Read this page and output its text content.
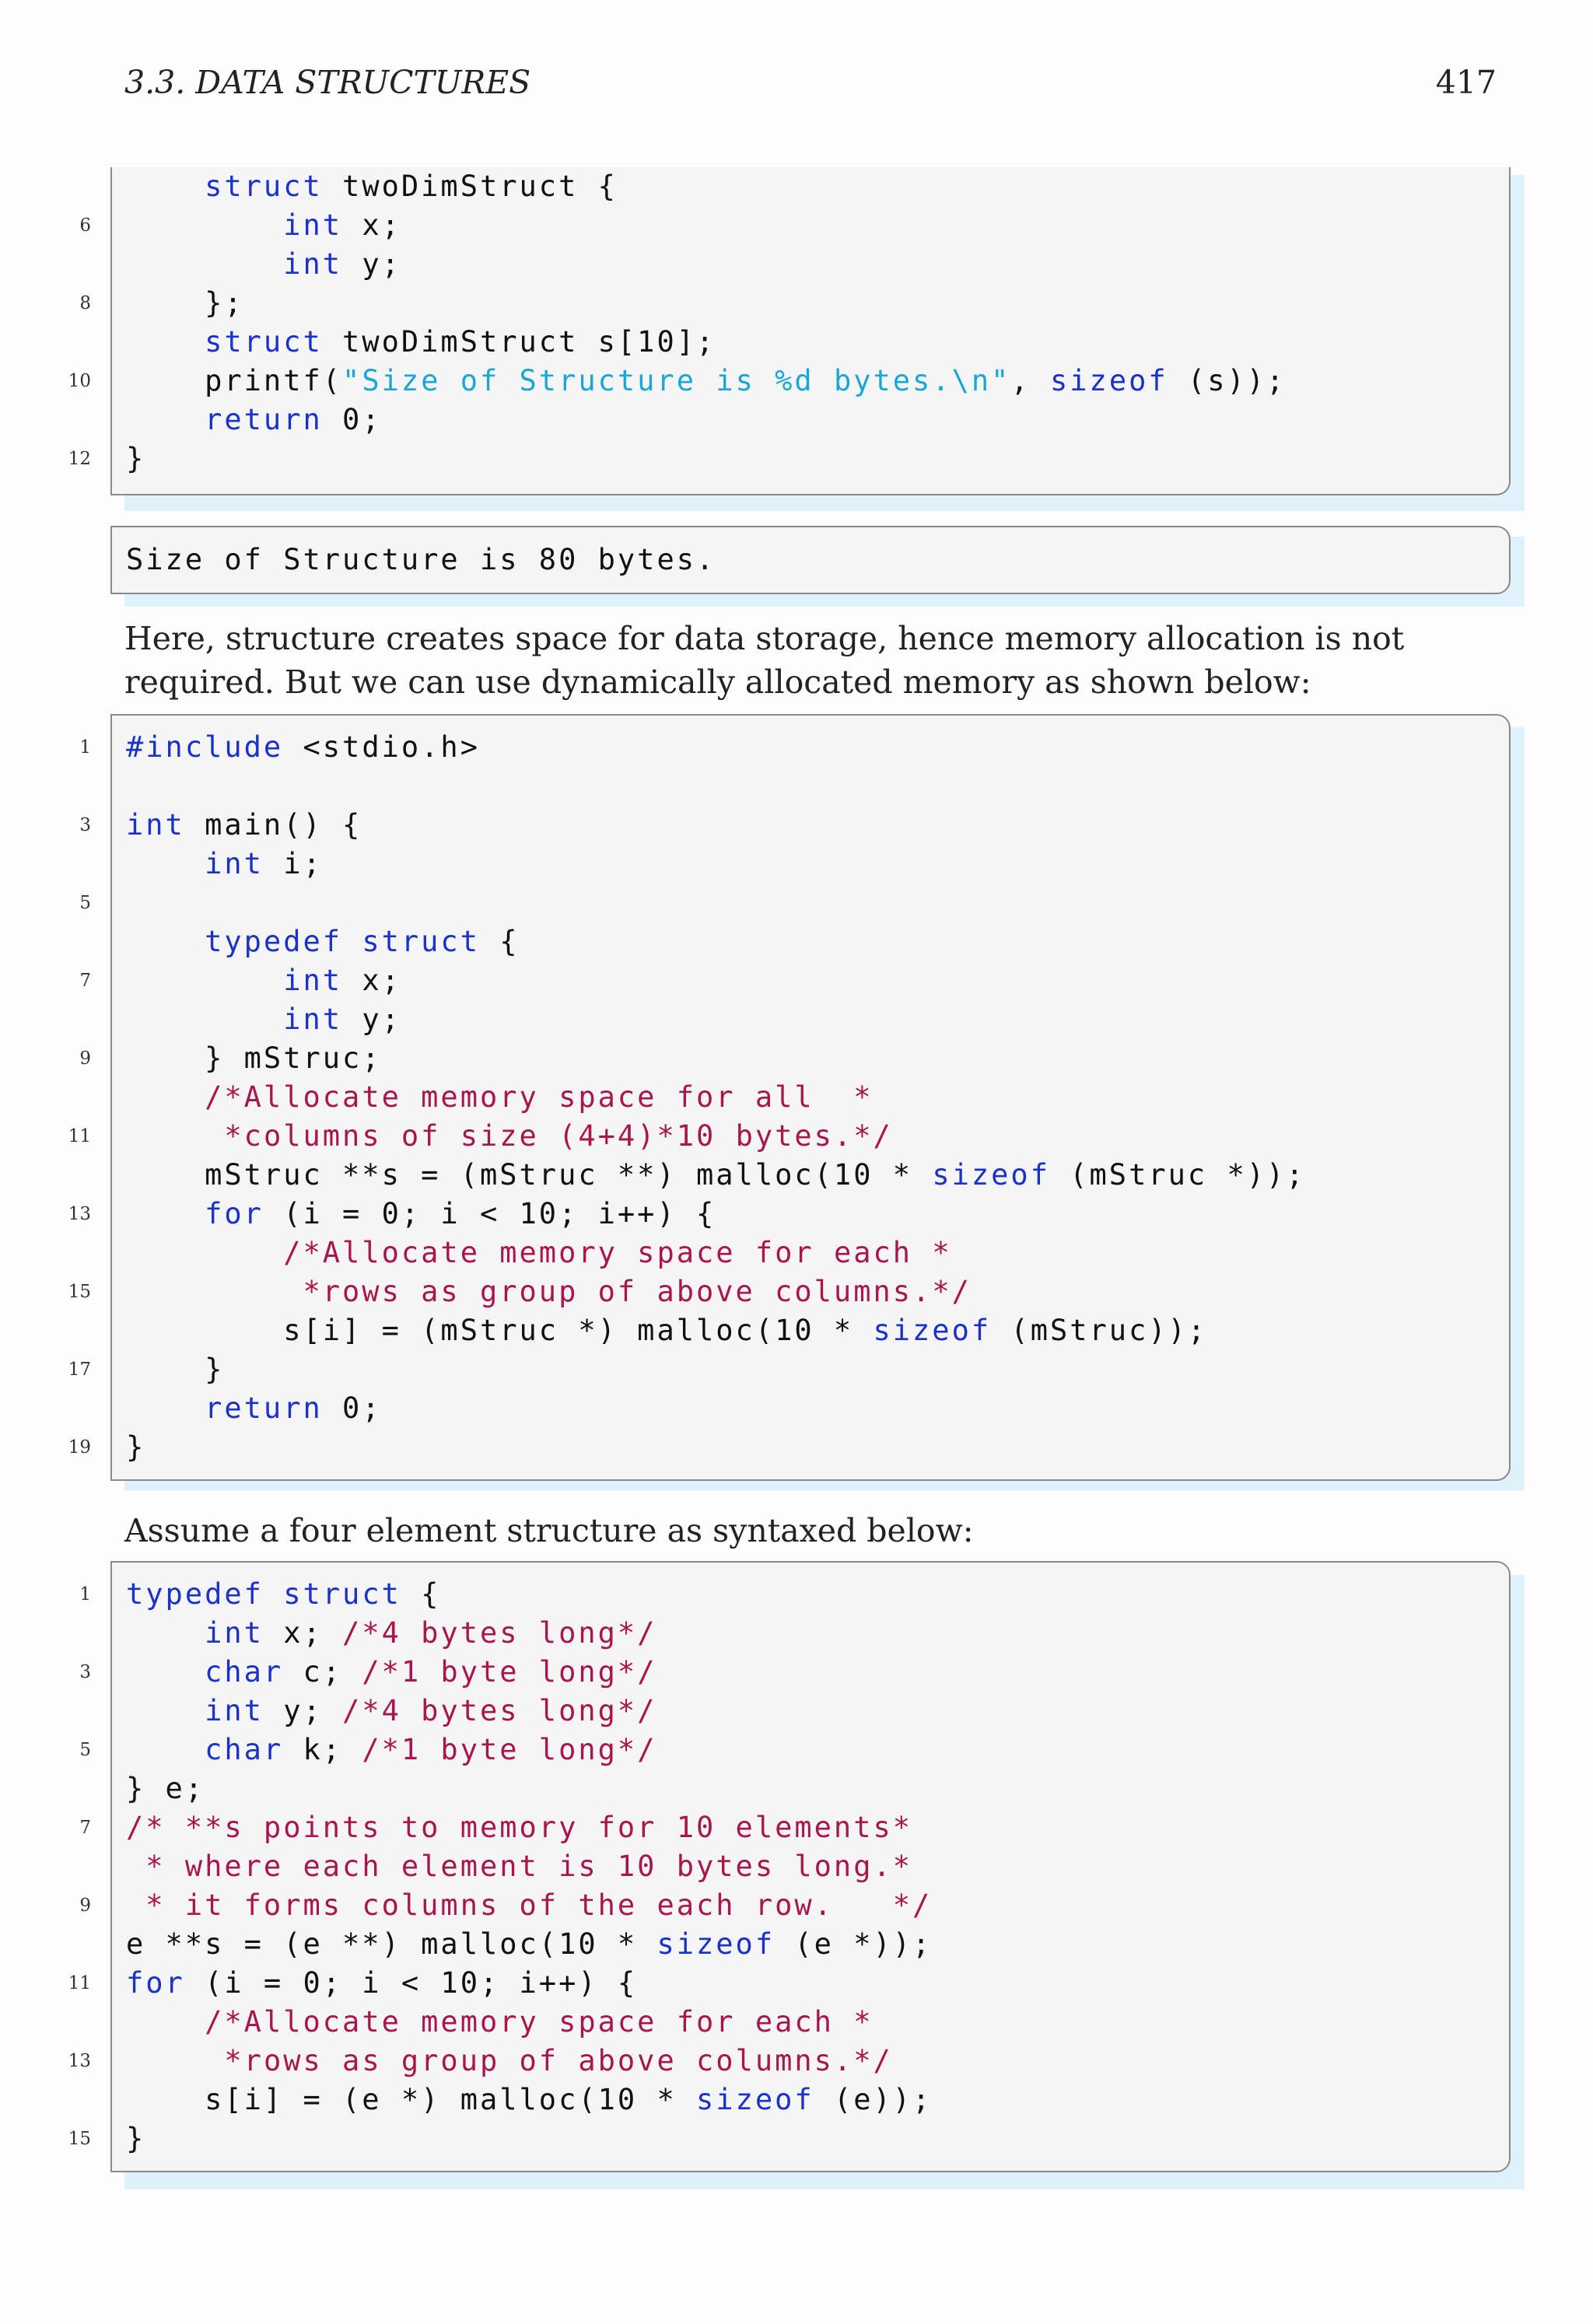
3.3. DATA STRUCTURES	417
struct twoDimStruct {
6	int x;
int y;
8 };
struct twoDimStruct s[10];
10 printf("Size of Structure is %d bytes.\n", sizeof (s));
return 0;
12 }

Size of Structure is 80 bytes.

Here, structure creates space for data storage, hence memory allocation is not required. But we can use dynamically allocated memory as shown below:
1 #include <stdio.h>
3 int main() {
int i;
5
typedef struct {
7	int x;
int y;
9 } mStruc;
/*Allocate memory space for all  *
11	*columns of size (4+4)*10 bytes.*/
mStruc **s = (mStruc **) malloc(10 * sizeof (mStruc *));
13	for (i = 0; i < 10; i++) {
/*Allocate memory space for each *
15	*rows as group of above columns.*/
s[i] = (mStruc *) malloc(10 * sizeof (mStruc));
17 }
return 0;
19 }
Assume a four element structure as syntaxed below:
1 typedef struct {
int x; /*4 bytes long*/
3	char c; /*1 byte long*/
int y; /*4 bytes long*/
5	char k; /*1 byte long*/
} e;
7 /* **s points to memory for 10 elements*
* where each element is 10 bytes long.*
9	* it forms columns of the each row.   */
e **s = (e **) malloc(10 * sizeof (e *));
11 for (i = 0; i < 10; i++) {
/*Allocate memory space for each *
13	*rows as group of above columns.*/
s[i] = (e *) malloc(10 * sizeof (e));
15 }
